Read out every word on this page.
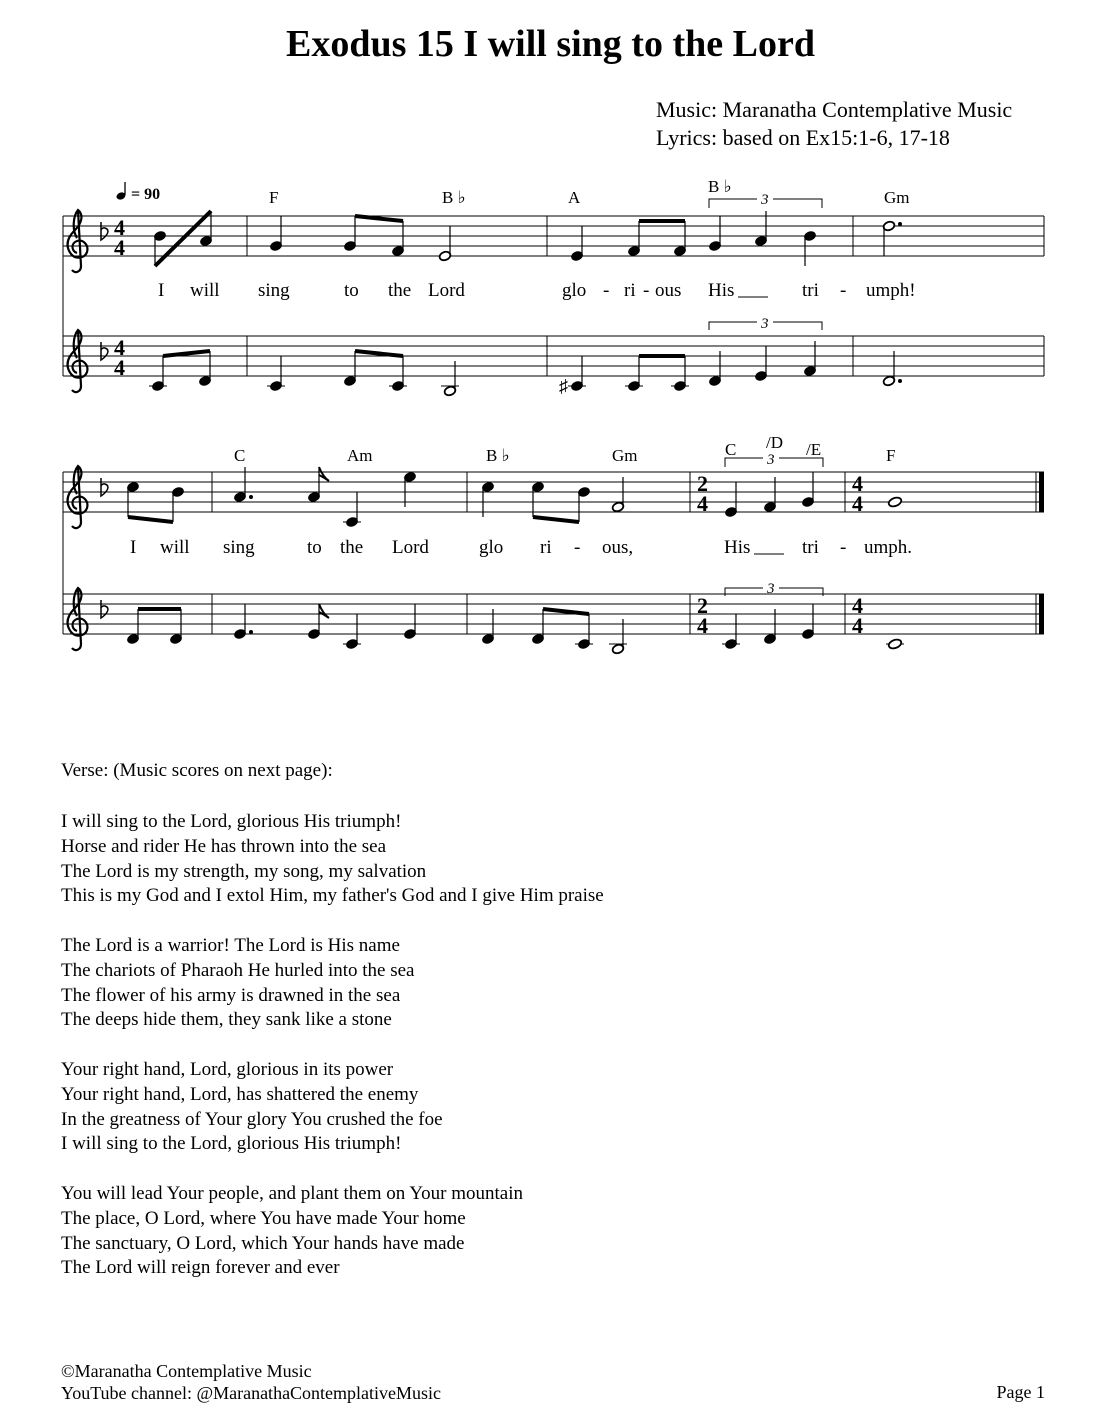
Exodus 15 I will sing to the Lord
Music: Maranatha Contemplative Music
Lyrics: based on Ex15:1-6, 17-18
= 90	F	B ♭	A
B ♭
Gm
3
4
4
I will sing	to the Lord	glo - ri - ous His	tri - umph!
3
4
4
♯
C	Am	B ♭	Gm	C /D /E	F
3
2
4
4
4
I will sing	to the Lord	glo ri - ous,	His	tri - umph.
3
2
4
4
4
Verse: (Music scores on next page):
I will sing to the Lord, glorious His triumph!
Horse and rider He has thrown into the sea
The Lord is my strength, my song, my salvation
This is my God and I extol Him, my father's God and I give Him praise
The Lord is a warrior! The Lord is His name
The chariots of Pharaoh He hurled into the sea
The flower of his army is drawned in the sea
The deeps hide them, they sank like a stone
Your right hand, Lord, glorious in its power
Your right hand, Lord, has shattered the enemy
In the greatness of Your glory You crushed the foe
I will sing to the Lord, glorious His triumph!
You will lead Your people, and plant them on Your mountain
The place, O Lord, where You have made Your home
The sanctuary, O Lord, which Your hands have made
The Lord will reign forever and ever
©Maranatha Contemplative Music
YouTube channel: @MaranathaContemplativeMusic	Page 1
